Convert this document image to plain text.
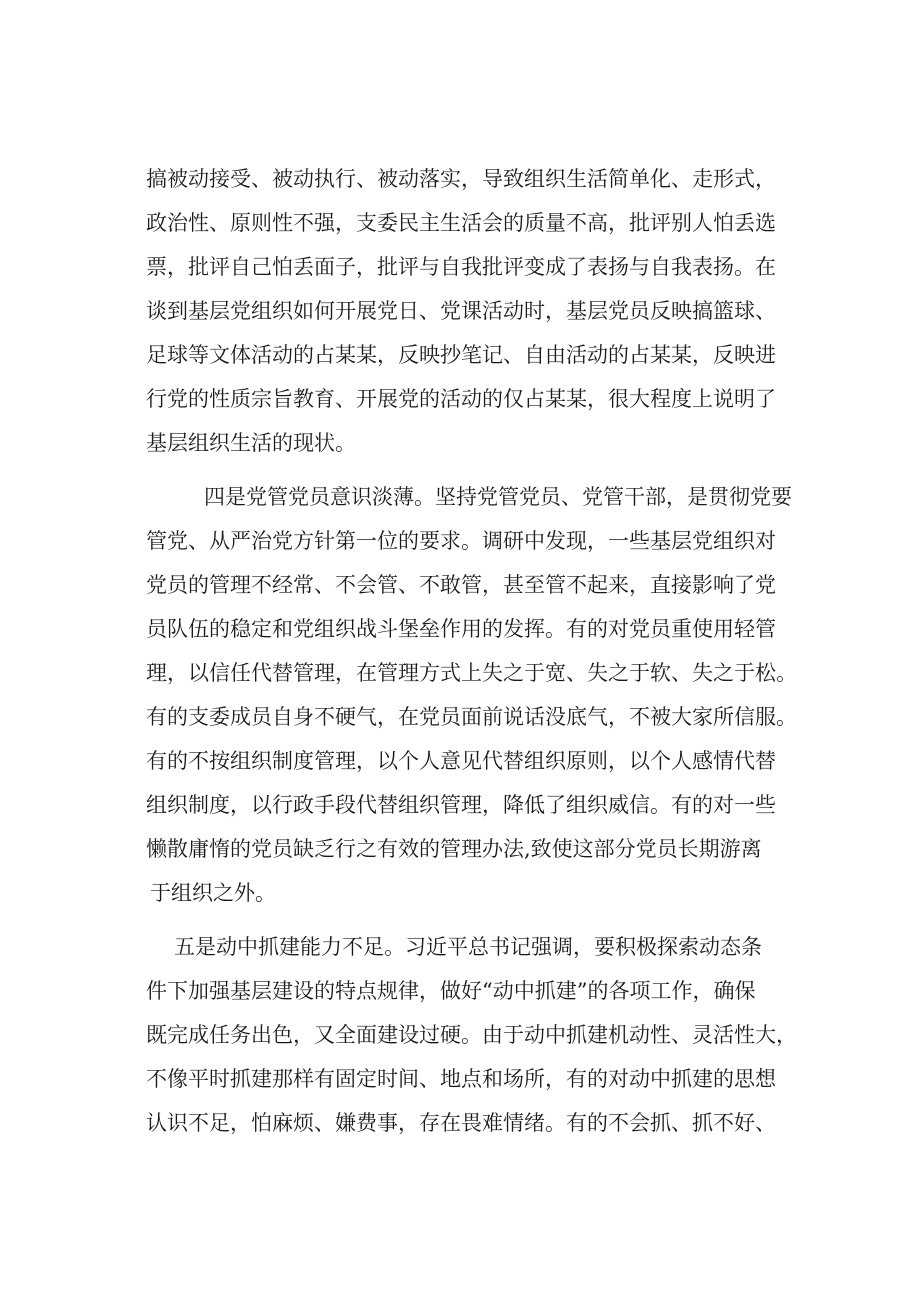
搞被动接受、被动执行、被动落实，导致组织生活简单化、走形式，
政治性、原则性不强，支委民主生活会的质量不高，批评别人怕丢选
票，批评自己怕丢面子，批评与自我批评变成了表扬与自我表扬。在
谈到基层党组织如何开展党日、党课活动时，基层党员反映搞篮球、
足球等文体活动的占某某，反映抄笔记、自由活动的占某某，反映进
行党的性质宗旨教育、开展党的活动的仅占某某，很大程度上说明了
基层组织生活的现状。
四是党管党员意识淡薄。坚持党管党员、党管干部，是贯彻党要
管党、从严治党方针第一位的要求。调研中发现，一些基层党组织对
党员的管理不经常、不会管、不敢管，甚至管不起来，直接影响了党
员队伍的稳定和党组织战斗堡垒作用的发挥。有的对党员重使用轻管
理，以信任代替管理，在管理方式上失之于宽、失之于软、失之于松。
有的支委成员自身不硬气，在党员面前说话没底气，不被大家所信服。
有的不按组织制度管理，以个人意见代替组织原则，以个人感情代替
组织制度，以行政手段代替组织管理，降低了组织威信。有的对一些
懒散庸惰的党员缺乏行之有效的管理办法,致使这部分党员长期游离
于组织之外。
五是动中抓建能力不足。习近平总书记强调，要积极探索动态条
件下加强基层建设的特点规律，做好“动中抓建”的各项工作，确保
既完成任务出色，又全面建设过硬。由于动中抓建机动性、灵活性大，
不像平时抓建那样有固定时间、地点和场所，有的对动中抓建的思想
认识不足，怕麻烦、嫌费事，存在畏难情绪。有的不会抓、抓不好、
